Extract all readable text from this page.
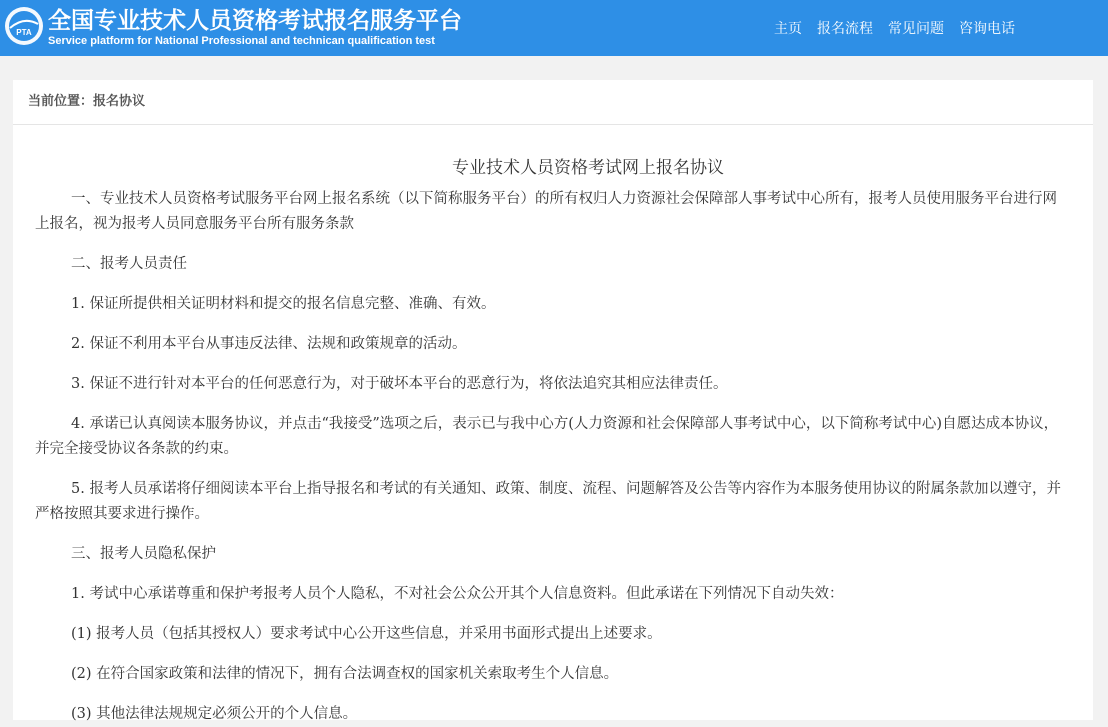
PTA 全国专业技术人员资格考试报名服务平台
Service platform for National Professional and technican qualification test
主页 报名流程 常见问题 咨询电话
当前位置：报名协议
专业技术人员资格考试网上报名协议

一、专业技术人员资格考试服务平台网上报名系统（以下简称服务平台）的所有权归人力资源社会保障部人事考试中心所有，报考人员使用服务平台进行网上报名，视为报考人员同意服务平台所有服务条款

二、报考人员责任

1. 保证所提供相关证明材料和提交的报名信息完整、准确、有效。

2. 保证不利用本平台从事违反法律、法规和政策规章的活动。

3. 保证不进行针对本平台的任何恶意行为，对于破坏本平台的恶意行为，将依法追究其相应法律责任。

4. 承诺已认真阅读本服务协议，并点击“我接受”选项之后，表示已与我中心方(人力资源和社会保障部人事考试中心，以下简称考试中心)自愿达成本协议，并完全接受协议各条款的约束。

5. 报考人员承诺将仔细阅读本平台上指导报名和考试的有关通知、政策、制度、流程、问题解答及公告等内容作为本服务使用协议的附属条款加以遵守，并严格按照其要求进行操作。

三、报考人员隐私保护

1. 考试中心承诺尊重和保护考报考人员个人隐私，不对社会公众公开其个人信息资料。但此承诺在下列情况下自动失效：

(1) 报考人员（包括其授权人）要求考试中心公开这些信息，并采用书面形式提出上述要求。

(2) 在符合国家政策和法律的情况下，拥有合法调查权的国家机关索取考生个人信息。

(3) 其他法律法规规定必须公开的个人信息。
